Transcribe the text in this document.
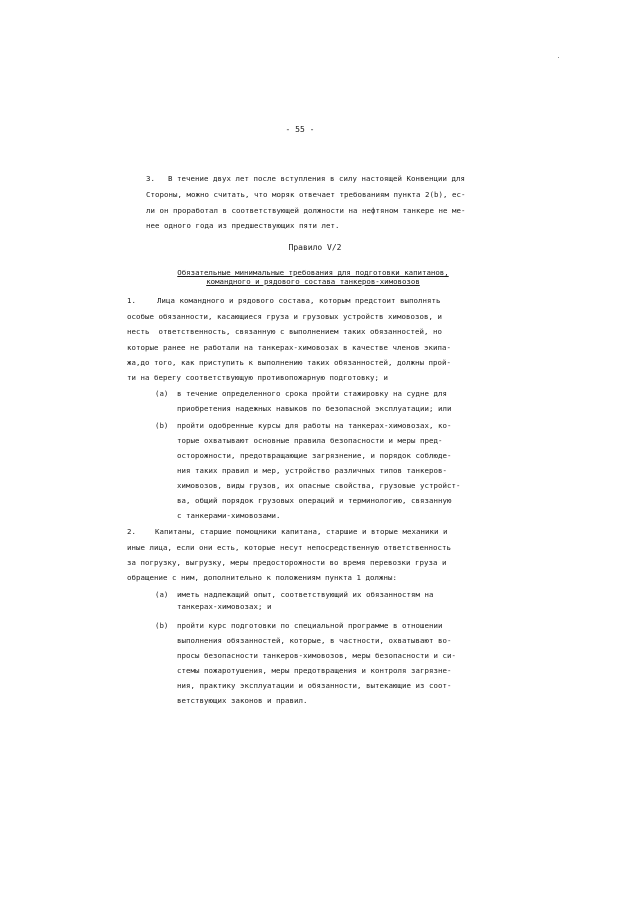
- 55 -
3. В течение двух лет после вступления в силу настоящей Конвенции для
Стороны, можно считать, что моряк отвечает требованиям пункта 2(b), ес-
ли он проработал в соответствующей должности на нефтяном танкере не ме-
нее одного года из предшествующих пяти лет.
Правило V/2
Обязательные минимальные требования для подготовки капитанов,
командного и рядового состава танкеров-химовозов
1.	Лица командного и рядового состава, которым предстоит выполнять
особые обязанности, касающиеся груза и грузовых устройств химовозов, и
несть  ответственность, связанную с выполнением таких обязанностей, но
которые ранее не работали на танкерах-химовозах в качестве членов экипа-
жа,до того, как приступить к выполнению таких обязанностей, должны прой-
ти на берегу соответствующую противопожарную подготовку; и
(a) в течение определенного срока пройти стажировку на судне для
приобретения надежных навыков по безопасной эксплуатации; или
(b) пройти одобренные курсы для работы на танкерах-химовозах, ко-
торые охватывают основные правила безопасности и меры пред-
осторожности, предотвращающие загрязнение, и порядок соблюде-
ния таких правил и мер, устройство различных типов танкеров-
химовозов, виды грузов, их опасные свойства, грузовые устройст-
ва, общий порядок грузовых операций и терминологию, связанную
с танкерами-химовозами.
2.	Капитаны, старшие помощники капитана, старшие и вторые механики и
иные лица, если они есть, которые несут непосредственную ответственность
за погрузку, выгрузку, меры предосторожности во время перевозки груза и
обращение с ним, дополнительно к положениям пункта 1 должны:
(a) иметь надлежащий опыт, соответствующий их обязанностям на
танкерах-химовозах; и
(b) пройти курс подготовки по специальной программе в отношении
выполнения обязанностей, которые, в частности, охватывают во-
просы безопасности танкеров-химовозов, меры безопасности и си-
стемы пожаротушения, меры предотвращения и контроля загрязне-
ния, практику эксплуатации и обязанности, вытекающие из соот-
ветствующих законов и правил.
